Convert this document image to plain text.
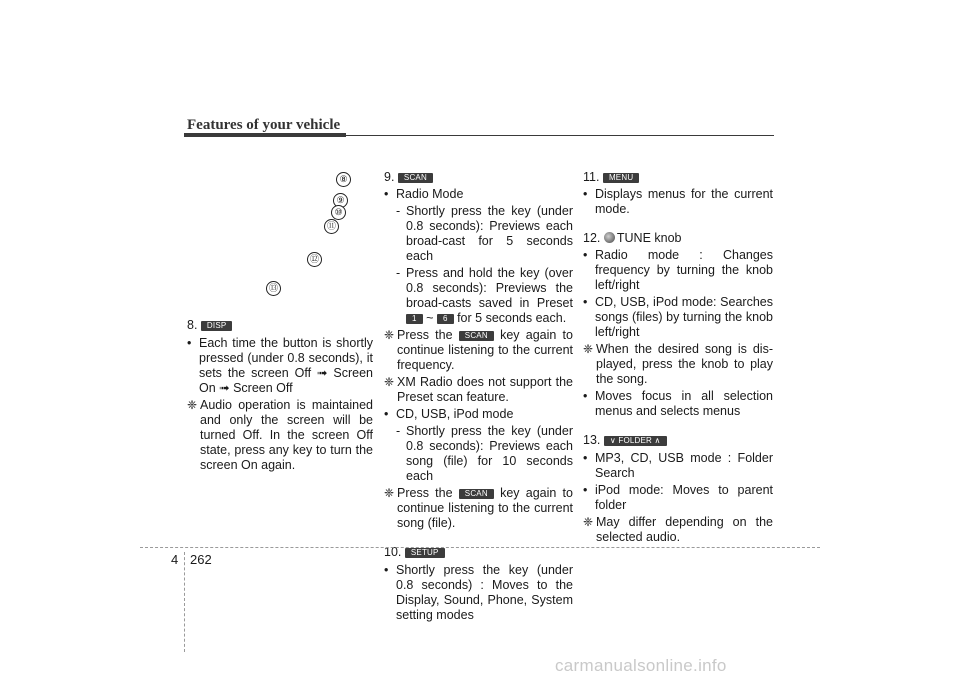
Features of your vehicle
⑧
⑨
⑩
⑪
⑫
⑬

8. DISP

• Each time the button is shortly pressed (under 0.8 seconds), it sets the screen Off ➟ Screen On ➟ Screen Off

❈ Audio operation is maintained and only the screen will be turned Off. In the screen Off state, press any key to turn the screen On again.

9. SCAN

• Radio Mode

- Shortly press the key (under 0.8 seconds): Previews each broad-cast for 5 seconds each

- Press and hold the key (over 0.8 seconds): Previews the broad-casts saved in Preset 1 ~ 6 for 5 seconds each.

❈ Press the SCAN key again to continue listening to the current frequency.

❈ XM Radio does not support the Preset scan feature.

• CD, USB, iPod mode

- Shortly press the key (under 0.8 seconds): Previews each song (file) for 10 seconds each

❈ Press the SCAN key again to continue listening to the current song (file).

10. SETUP

• Shortly press the key (under 0.8 seconds) : Moves to the Display, Sound, Phone, System setting modes

11. MENU

• Displays menus for the current mode.

12. TUNE knob

• Radio mode : Changes frequency by turning the knob left/right

• CD, USB, iPod mode: Searches songs (files) by turning the knob left/right

❈ When the desired song is dis-played, press the knob to play the song.

• Moves focus in all selection menus and selects menus

13. ∨ FOLDER ∧

• MP3, CD, USB mode : Folder Search

• iPod mode: Moves to parent folder

❈ May differ depending on the selected audio.

4 262
carmanualsonline.info
